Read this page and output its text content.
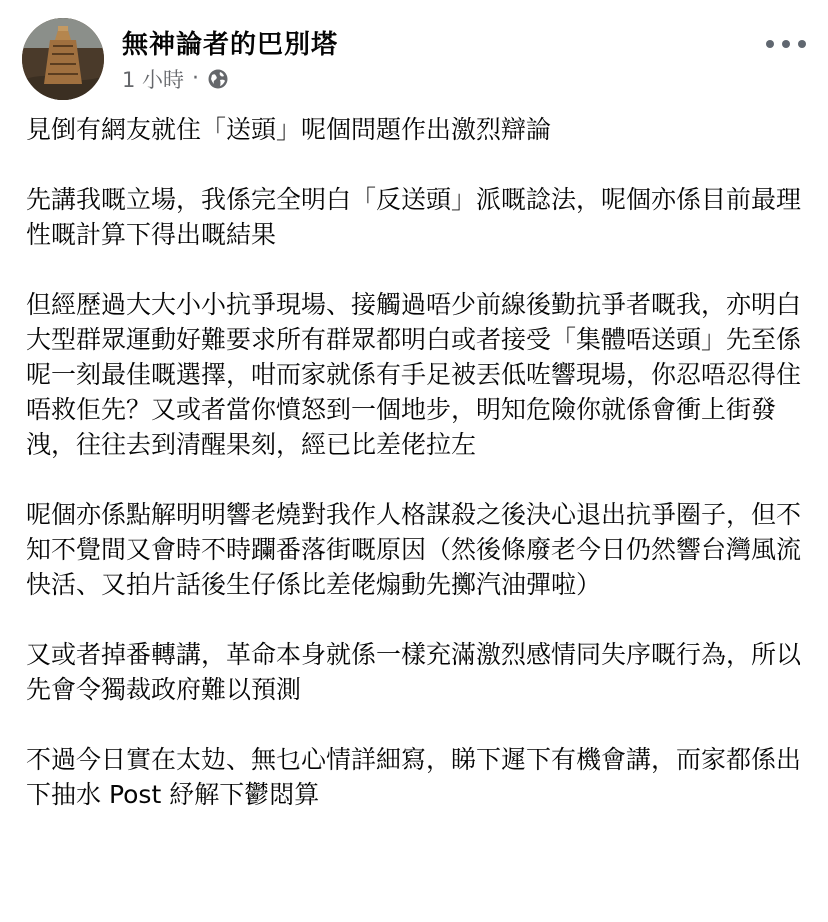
無神論者的巴別塔
1 小時 ·

見倒有網友就住「送頭」呢個問題作出激烈辯論

先講我嘅立場，我係完全明白「反送頭」派嘅諗法，呢個亦係目前最理性嘅計算下得出嘅結果

但經歷過大大小小抗爭現場、接觸過唔少前線後勤抗爭者嘅我，亦明白大型群眾運動好難要求所有群眾都明白或者接受「集體唔送頭」先至係呢一刻最佳嘅選擇，咁而家就係有手足被丟低咗響現場，你忍唔忍得住唔救佢先？又或者當你憤怒到一個地步，明知危險你就係會衝上街發洩，往往去到清醒果刻，經已比差佬拉左

呢個亦係點解明明響老燒對我作人格謀殺之後決心退出抗爭圈子，但不知不覺間又會時不時躝番落街嘅原因（然後條廢老今日仍然響台灣風流快活、又拍片話後生仔係比差佬煽動先擲汽油彈啦）

又或者掉番轉講，革命本身就係一樣充滿激烈感情同失序嘅行為，所以先會令獨裁政府難以預測

不過今日實在太攰、無乜心情詳細寫，睇下遲下有機會講，而家都係出下抽水 Post 紓解下鬱悶算
